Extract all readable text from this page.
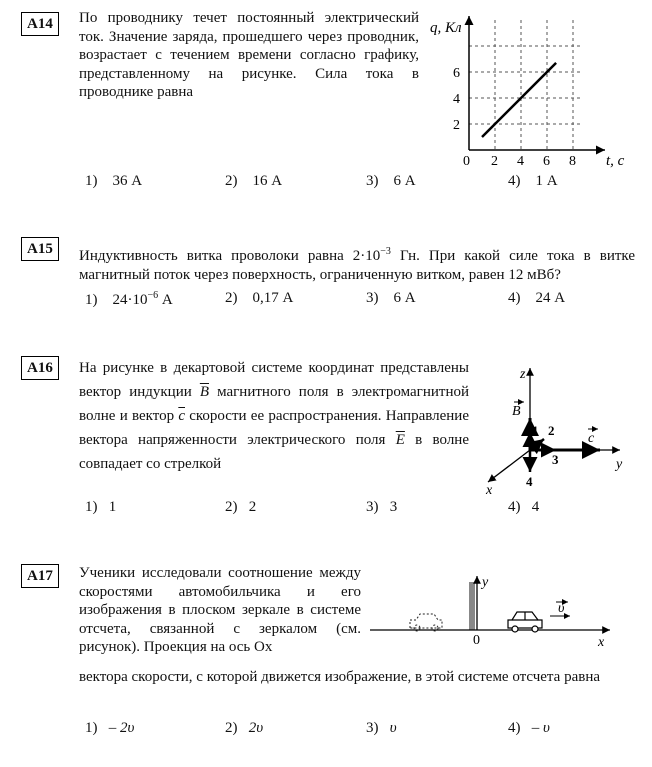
A14	По проводнику течет постоянный электрический ток. Значение заряда, прошедшего через проводник, возрастает с течением времени согласно графику, представленному на рисунке. Сила тока в проводнике равна
q, Кл
t, c
0 2 4 6 8
2
4
6
1) 36 А	2) 16 А	3) 6 А	4) 1 А
A15	Индуктивность витка проволоки равна $2\cdot 10^{-3}$ Гн. При какой силе тока в витке магнитный поток через поверхность, ограниченную витком, равен 12 мВб?
1) $24\cdot 10^{-6}$ А	2) 0,17 А	3) 6 А	4) 24 А
A16	На рисунке в декартовой системе координат представлены вектор индукции $\overline{B}$ магнитного поля в электромагнитной волне и вектор $\overline{c}$ скорости ее распространения. Направление вектора напряженности электрического поля $\overline{E}$ в волне совпадает со стрелкой
z
y
x
B
c
1 2
3
4
1) 1	2) 2	3) 3	4) 4
A17	Ученики исследовали соотношение между скоростями автомобильчика и его изображения в плоском зеркале в системе отсчета, связанной с зеркалом (см. рисунок). Проекция на ось Ox
вектора скорости, с которой движется изображение, в этой системе отсчета равна
y
x
0
υ
1) – 2υ	2) 2υ	3) υ	4) – υ
